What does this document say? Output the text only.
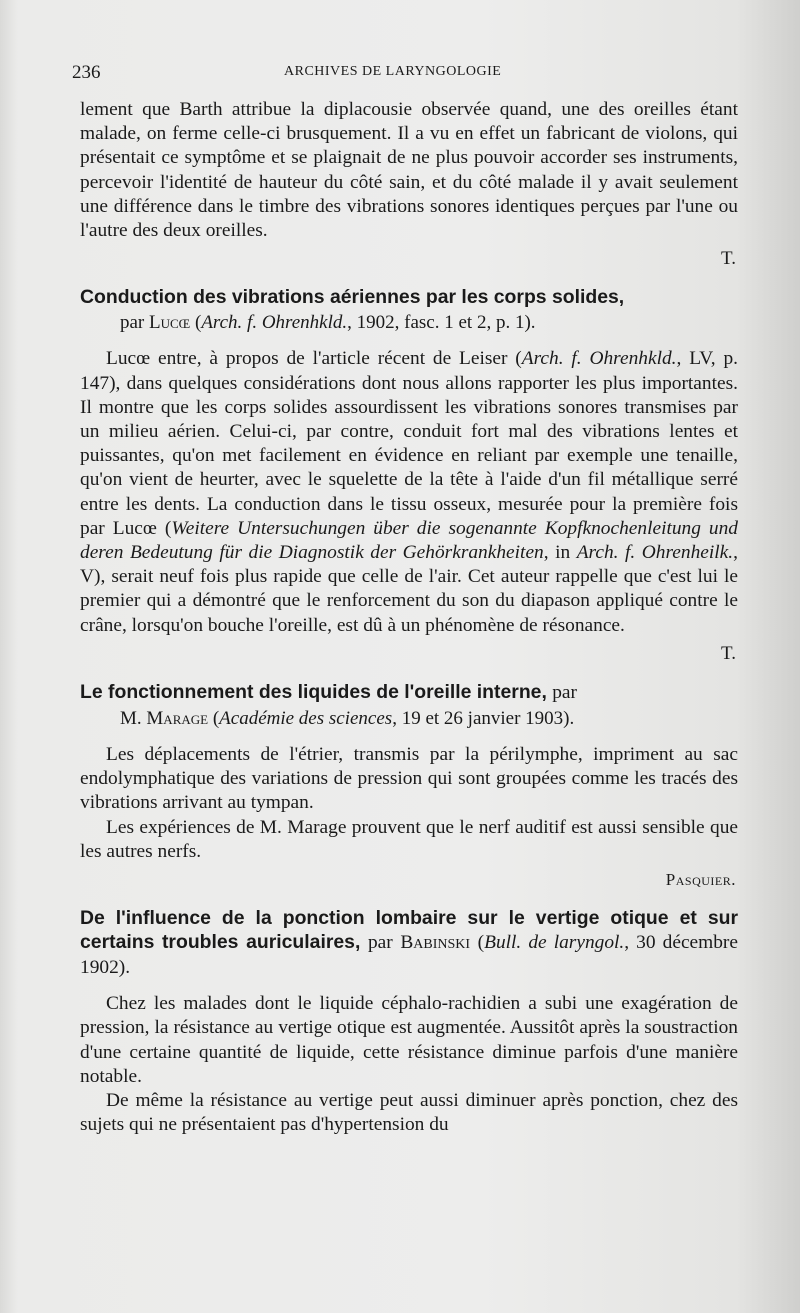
236	ARCHIVES DE LARYNGOLOGIE

lement que Barth attribue la diplacousie observée quand, une des oreilles étant malade, on ferme celle-ci brusquement. Il a vu en effet un fabricant de violons, qui présentait ce symptôme et se plaignait de ne plus pouvoir accorder ses instruments, percevoir l'identité de hauteur du côté sain, et du côté malade il y avait seulement une différence dans le timbre des vibrations sonores identiques perçues par l'une ou l'autre des deux oreilles.

T.
Conduction des vibrations aériennes par les corps solides,
par Lucœ (Arch. f. Ohrenhkld., 1902, fasc. 1 et 2, p. 1).

Lucœ entre, à propos de l'article récent de Leiser (Arch. f. Ohrenhkld., LV, p. 147), dans quelques considérations dont nous allons rapporter les plus importantes. Il montre que les corps solides assourdissent les vibrations sonores transmises par un milieu aérien. Celui-ci, par contre, conduit fort mal des vibrations lentes et puissantes, qu'on met facilement en évidence en reliant par exemple une tenaille, qu'on vient de heurter, avec le squelette de la tête à l'aide d'un fil métallique serré entre les dents. La conduction dans le tissu osseux, mesurée pour la première fois par Lucœ (Weitere Untersuchungen über die sogenannte Kopfknochenleitung und deren Bedeutung für die Diagnostik der Gehörkrankheiten, in Arch. f. Ohrenheilk., V), serait neuf fois plus rapide que celle de l'air. Cet auteur rappelle que c'est lui le premier qui a démontré que le renforcement du son du diapason appliqué contre le crâne, lorsqu'on bouche l'oreille, est dû à un phénomène de résonance.

T.
Le fonctionnement des liquides de l'oreille interne, par
M. Marage (Académie des sciences, 19 et 26 janvier 1903).

Les déplacements de l'étrier, transmis par la périlymphe, impriment au sac endolymphatique des variations de pression qui sont groupées comme les tracés des vibrations arrivant au tympan.

Les expériences de M. Marage prouvent que le nerf auditif est aussi sensible que les autres nerfs.

Pasquier.
De l'influence de la ponction lombaire sur le vertige otique et sur certains troubles auriculaires, par Babinski (Bull. de laryngol., 30 décembre 1902).

Chez les malades dont le liquide céphalo-rachidien a subi une exagération de pression, la résistance au vertige otique est augmentée. Aussitôt après la soustraction d'une certaine quantité de liquide, cette résistance diminue parfois d'une manière notable.

De même la résistance au vertige peut aussi diminuer après ponction, chez des sujets qui ne présentaient pas d'hypertension du
